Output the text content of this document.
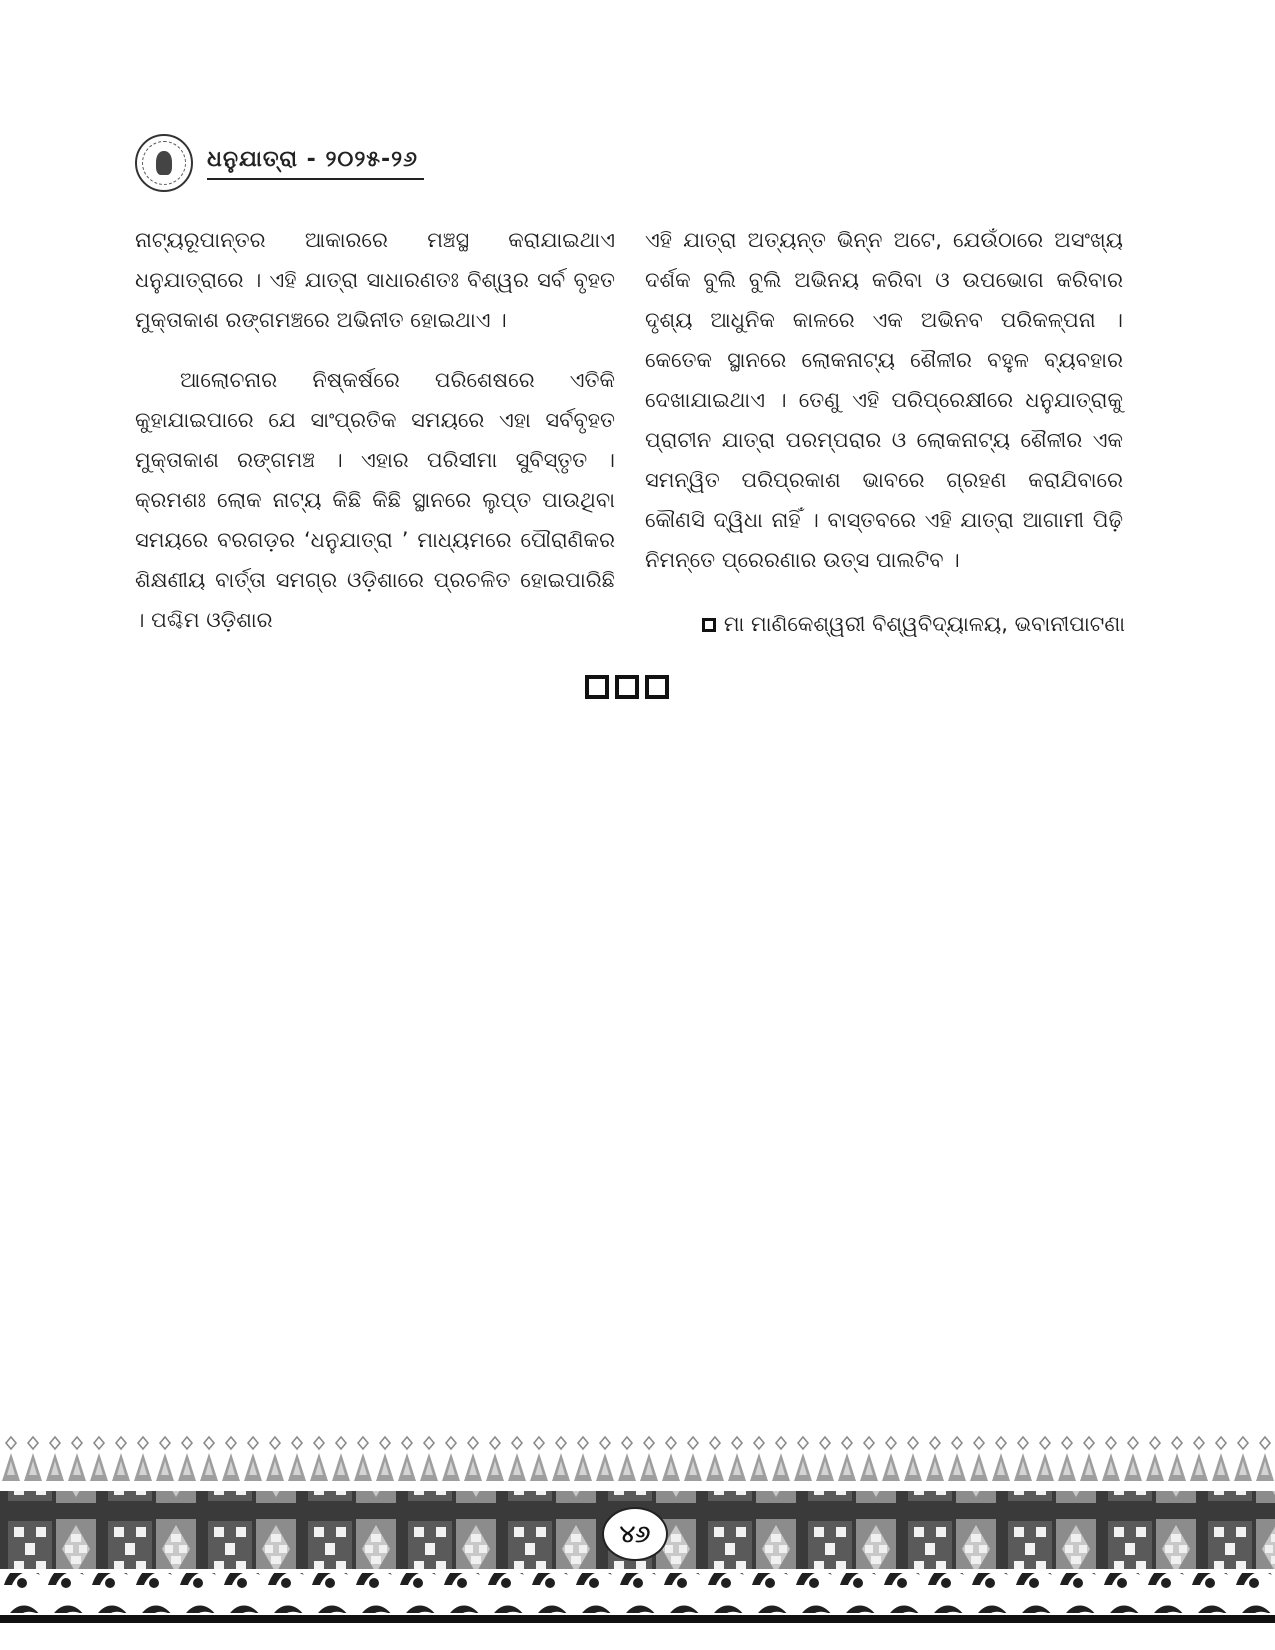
ଧନୁଯାତ୍ରା - ୨୦୨୫-୨୬

ନାଟ୍ୟରୂପାନ୍ତର ଆକାରରେ ମଞ୍ଚସ୍ଥ କରାଯାଇଥାଏ ଧନୁଯାତ୍ରାରେ । ଏହି ଯାତ୍ରା ସାଧାରଣତଃ ବିଶ୍ୱର ସର୍ବ ବୃହତ ମୁକ୍ତାକାଶ ରଙ୍ଗମଞ୍ଚରେ ଅଭିନୀତ ହୋଇଥାଏ ।

ଆଲୋଚନାର ନିଷ୍କର୍ଷରେ ପରିଶେଷରେ ଏତିକି କୁହାଯାଇପାରେ ଯେ ସାଂପ୍ରତିକ ସମୟରେ ଏହା ସର୍ବବୃହତ ମୁକ୍ତାକାଶ ରଙ୍ଗମଞ୍ଚ । ଏହାର ପରିସୀମା ସୁବିସ୍ତୃତ । କ୍ରମଶଃ ଲୋକ ନାଟ୍ୟ କିଛି କିଛି ସ୍ଥାନରେ ଲୁପ୍ତ ପାଉଥିବା ସମୟରେ ବରଗଡ଼ର ‘ଧନୁଯାତ୍ରା ’ ମାଧ୍ୟମରେ ପୌରାଣିକର ଶିକ୍ଷଣୀୟ ବାର୍ତ୍ତା ସମଗ୍ର ଓଡ଼ିଶାରେ ପ୍ରଚଳିତ ହୋଇପାରିଛି । ପଶ୍ଚିମ ଓଡ଼ିଶାର

ଏହି ଯାତ୍ରା ଅତ୍ୟନ୍ତ ଭିନ୍ନ ଅଟେ, ଯେଉଁଠାରେ ଅସଂଖ୍ୟ ଦର୍ଶକ ବୁଲି ବୁଲି ଅଭିନୟ କରିବା ଓ ଉପଭୋଗ କରିବାର ଦୃଶ୍ୟ ଆଧୁନିକ କାଳରେ ଏକ ଅଭିନବ ପରିକଳ୍ପନା । କେତେକ ସ୍ଥାନରେ ଲୋକନାଟ୍ୟ ଶୈଳୀର ବହୁଳ ବ୍ୟବହାର ଦେଖାଯାଇଥାଏ । ତେଣୁ ଏହି ପରିପ୍ରେକ୍ଷୀରେ ଧନୁଯାତ୍ରାକୁ ପ୍ରାଚୀନ ଯାତ୍ରା ପରମ୍ପରାର ଓ ଲୋକନାଟ୍ୟ ଶୈଳୀର ଏକ ସମନ୍ୱିତ ପରିପ୍ରକାଶ ଭାବରେ ଗ୍ରହଣ କରାଯିବାରେ କୌଣସି ଦ୍ୱିଧା ନାହିଁ । ବାସ୍ତବରେ ଏହି ଯାତ୍ରା ଆଗାମୀ ପିଢ଼ି ନିମନ୍ତେ ପ୍ରେରଣାର ଉତ୍ସ ପାଲଟିବ ।

ମା ମାଣିକେଶ୍ୱରୀ ବିଶ୍ୱବିଦ୍ୟାଳୟ, ଭବାନୀପାଟଣା
୪୬
